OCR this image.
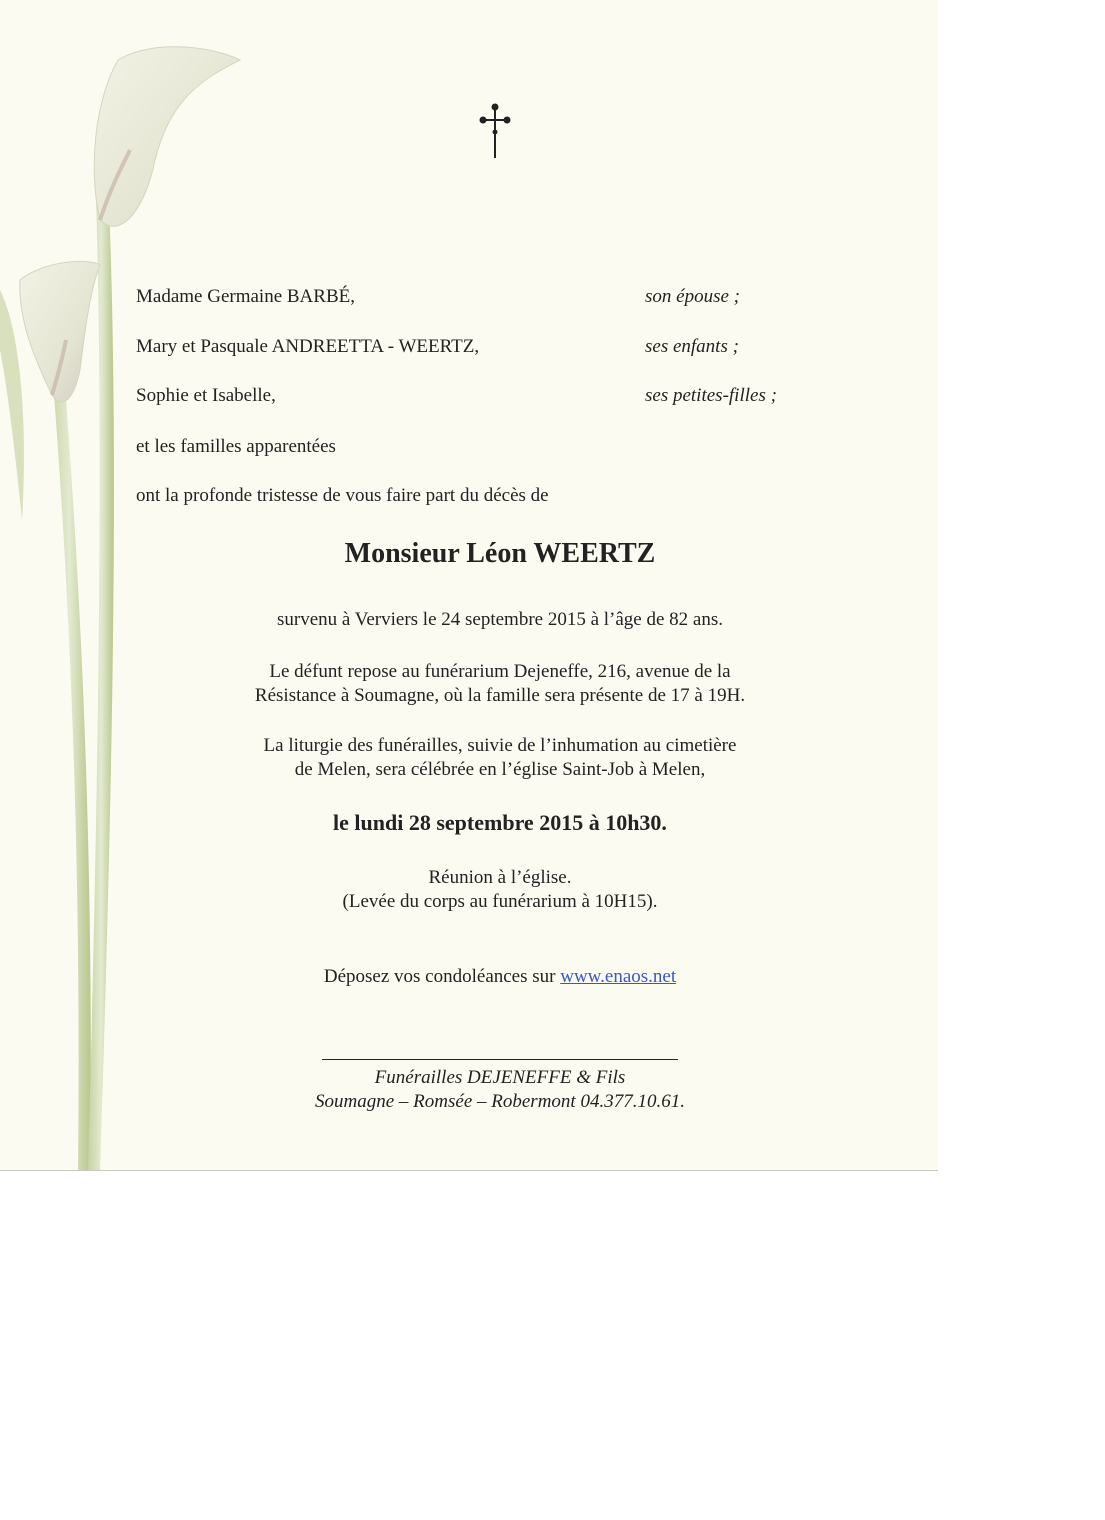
Madame Germaine BARBÉ,	son épouse ;
Mary et Pasquale ANDREETTA - WEERTZ,	ses enfants ;
Sophie et Isabelle,	ses petites-filles ;
et les familles apparentées
ont la profonde tristesse de vous faire part du décès de
Monsieur Léon WEERTZ
survenu à Verviers le 24 septembre 2015 à l’âge de 82 ans.
Le défunt repose au funérarium Dejeneffe, 216, avenue de la
Résistance à Soumagne, où la famille sera présente de 17 à 19H.
La liturgie des funérailles, suivie de l’inhumation au cimetière
de Melen, sera célébrée en l’église Saint-Job à Melen,
le lundi 28 septembre 2015 à 10h30.
Réunion à l’église.
(Levée du corps au funérarium à 10H15).
Déposez vos condoléances sur www.enaos.net
Funérailles DEJENEFFE & Fils
Soumagne – Romsée – Robermont 04.377.10.61.
